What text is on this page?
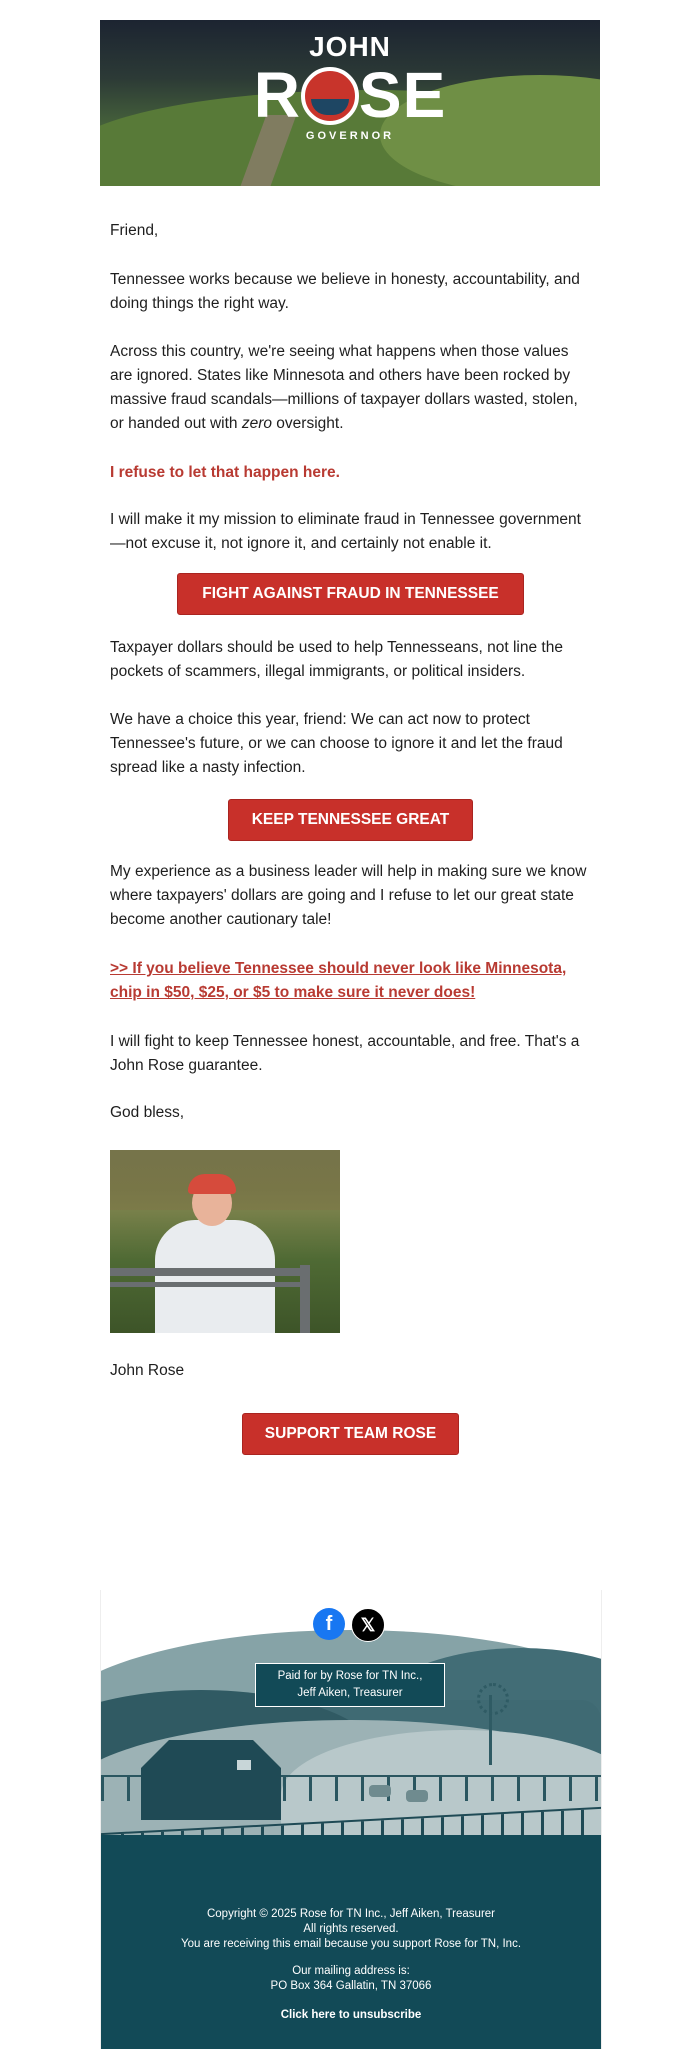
JOHN
R SE
GOVERNOR
Friend,
Tennessee works because we believe in honesty, accountability, and doing things the right way.
Across this country, we're seeing what happens when those values are ignored. States like Minnesota and others have been rocked by massive fraud scandals—millions of taxpayer dollars wasted, stolen, or handed out with zero oversight.
I refuse to let that happen here.
I will make it my mission to eliminate fraud in Tennessee government—not excuse it, not ignore it, and certainly not enable it.
FIGHT AGAINST FRAUD IN TENNESSEE
Taxpayer dollars should be used to help Tennesseans, not line the pockets of scammers, illegal immigrants, or political insiders.
We have a choice this year, friend: We can act now to protect Tennessee's future, or we can choose to ignore it and let the fraud spread like a nasty infection.
KEEP TENNESSEE GREAT
My experience as a business leader will help in making sure we know where taxpayers' dollars are going and I refuse to let our great state become another cautionary tale!
>> If you believe Tennessee should never look like Minnesota, chip in $50, $25, or $5 to make sure it never does!
I will fight to keep Tennessee honest, accountable, and free. That's a John Rose guarantee.
God bless,
John Rose
SUPPORT TEAM ROSE
f	𝕏
Paid for by Rose for TN Inc.,
Jeff Aiken, Treasurer
Copyright © 2025 Rose for TN Inc., Jeff Aiken, Treasurer
All rights reserved.
You are receiving this email because you support Rose for TN, Inc.
Our mailing address is:
PO Box 364 Gallatin, TN 37066
Click here to unsubscribe
